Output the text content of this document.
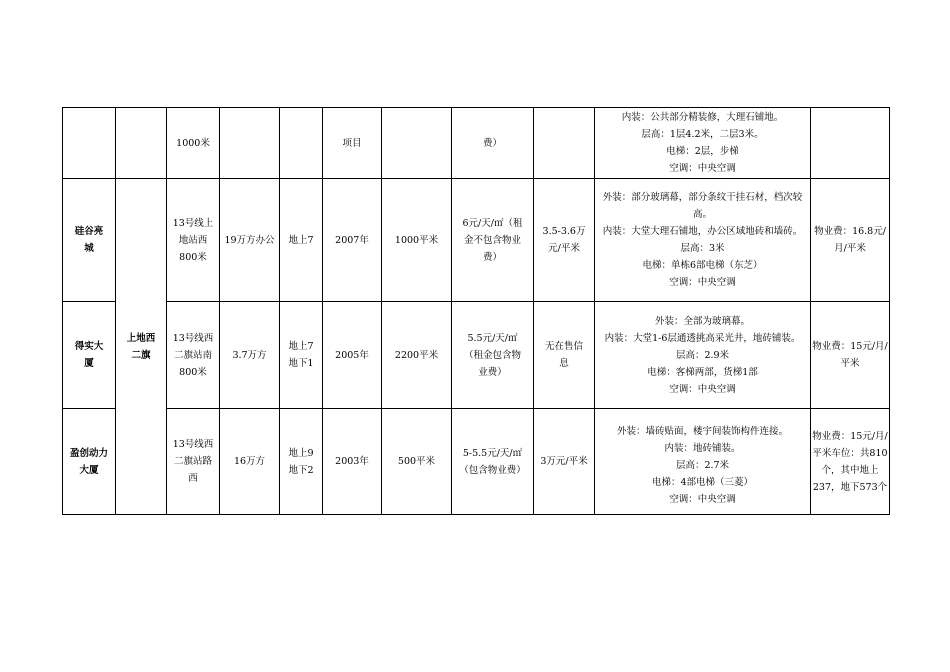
		1000米			项目		费）		内装：公共部分精装修，大理石铺地。
层高：1层4.2米，二层3米。
电梯：2层，步梯
空调：中央空调	

硅谷亮城	上地西二旗	13号线上地站西800米	19万方办公	地上7	2007年	1000平米	6元/天/㎡（租金不包含物业费）	3.5-3.6万元/平米	外装：部分玻璃幕，部分条纹干挂石材，档次较高。
内装：大堂大理石铺地，办公区域地砖和墙砖。
层高：3米
电梯：单栋6部电梯（东芝）
空调：中央空调	物业费：16.8元/月/平米

得实大厦		13号线西二旗站南800米	3.7万方	地上7地下1	2005年	2200平米	5.5元/天/㎡（租金包含物业费）	无在售信息	外装：全部为玻璃幕。
内装：大堂1-6层通透挑高采光井，地砖铺装。
层高：2.9米
电梯：客梯两部，货梯1部
空调：中央空调	物业费：15元/月/平米

盈创动力大厦		13号线西二旗站路西	16万方	地上9地下2	2003年	500平米	5-5.5元/天/㎡（包含物业费）	3万元/平米	外装：墙砖贴面，楼宇间装饰构件连接。
内装：地砖铺装。
层高：2.7米
电梯：4部电梯（三菱）
空调：中央空调	物业费：15元/月/平米车位：共810个，其中地上237，地下573个
